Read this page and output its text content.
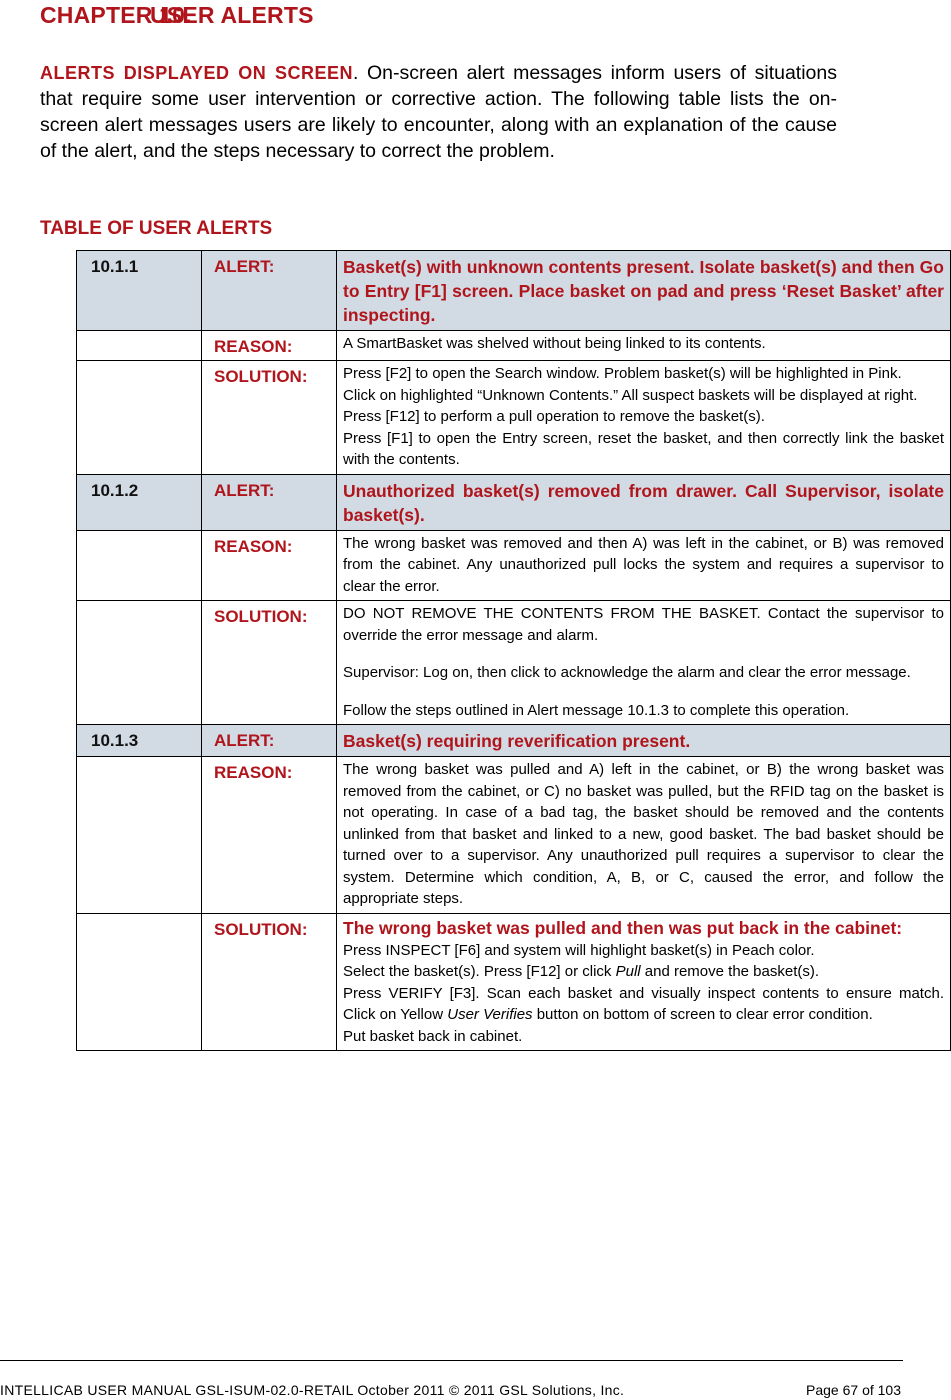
CHAPTER 10.USER ALERTS

ALERTS DISPLAYED ON SCREEN. On-screen alert messages inform users of situations that require some user intervention or corrective action. The following table lists the on-screen alert messages users are likely to encounter, along with an explanation of the cause of the alert, and the steps necessary to correct the problem.

TABLE OF USER ALERTS
10.1.1	ALERT:	Basket(s) with unknown contents present. Isolate basket(s) and then Go to Entry [F1] screen. Place basket on pad and press ‘Reset Basket’ after inspecting.
	REASON:	A SmartBasket was shelved without being linked to its contents.
	SOLUTION:	Press [F2] to open the Search window. Problem basket(s) will be highlighted in Pink.

Click on highlighted “Unknown Contents.” All suspect baskets will be displayed at right.

Press [F12] to perform a pull operation to remove the basket(s).

Press [F1] to open the Entry screen, reset the basket, and then correctly link the basket with the contents.

10.1.2	ALERT:	Unauthorized basket(s) removed from drawer. Call Supervisor, isolate basket(s).
	REASON:	The wrong basket was removed and then A) was left in the cabinet, or B) was removed from the cabinet. Any unauthorized pull locks the system and requires a supervisor to clear the error.
	SOLUTION:	DO NOT REMOVE THE CONTENTS FROM THE BASKET. Contact the supervisor to override the error message and alarm.

Supervisor: Log on, then click to acknowledge the alarm and clear the error message.

Follow the steps outlined in Alert message 10.1.3 to complete this operation.

10.1.3	ALERT:	Basket(s) requiring reverification present.
	REASON:	The wrong basket was pulled and A) left in the cabinet, or B) the wrong basket was removed from the cabinet, or C) no basket was pulled, but the RFID tag on the basket is not operating. In case of a bad tag, the basket should be removed and the contents unlinked from that basket and linked to a new, good basket. The bad basket should be turned over to a supervisor. Any unauthorized pull requires a supervisor to clear the system. Determine which condition, A, B, or C, caused the error, and follow the appropriate steps.
	SOLUTION:	The wrong basket was pulled and then was put back in the cabinet:

Press INSPECT [F6] and system will highlight basket(s) in Peach color.

Select the basket(s). Press [F12] or click Pull and remove the basket(s).

Press VERIFY [F3]. Scan each basket and visually inspect contents to ensure match. Click on Yellow User Verifies button on bottom of screen to clear error condition.

Put basket back in cabinet.

INTELLICAB USER MANUAL GSL-ISUM-02.0-RETAIL October 2011 © 2011 GSL Solutions, Inc.	Page 67 of 103
